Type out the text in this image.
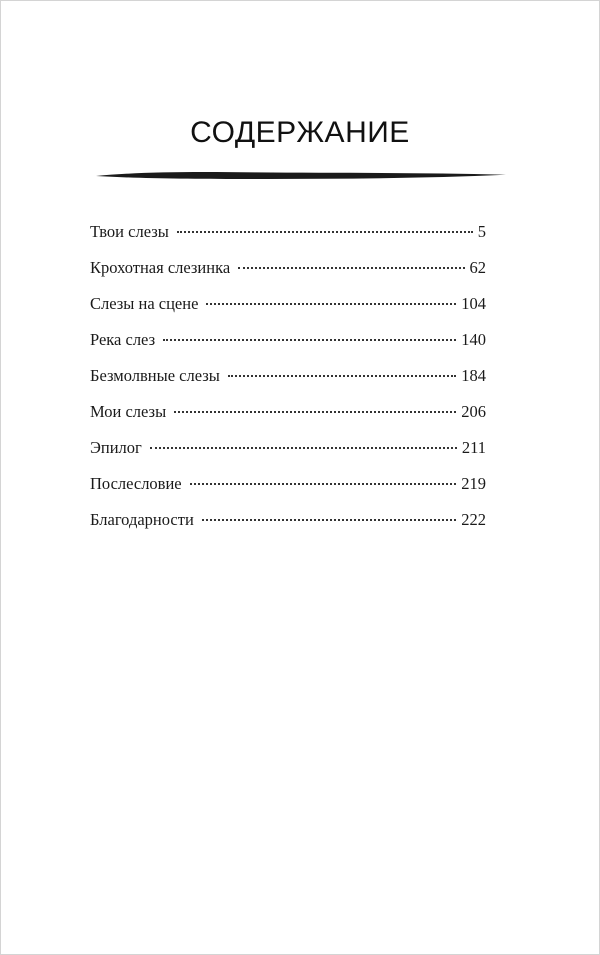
СОДЕРЖАНИЕ
Твои слезы	5
Крохотная слезинка	62
Слезы на сцене	104
Река слез	140
Безмолвные слезы	184
Мои слезы	206
Эпилог	211
Послесловие	219
Благодарности	222
